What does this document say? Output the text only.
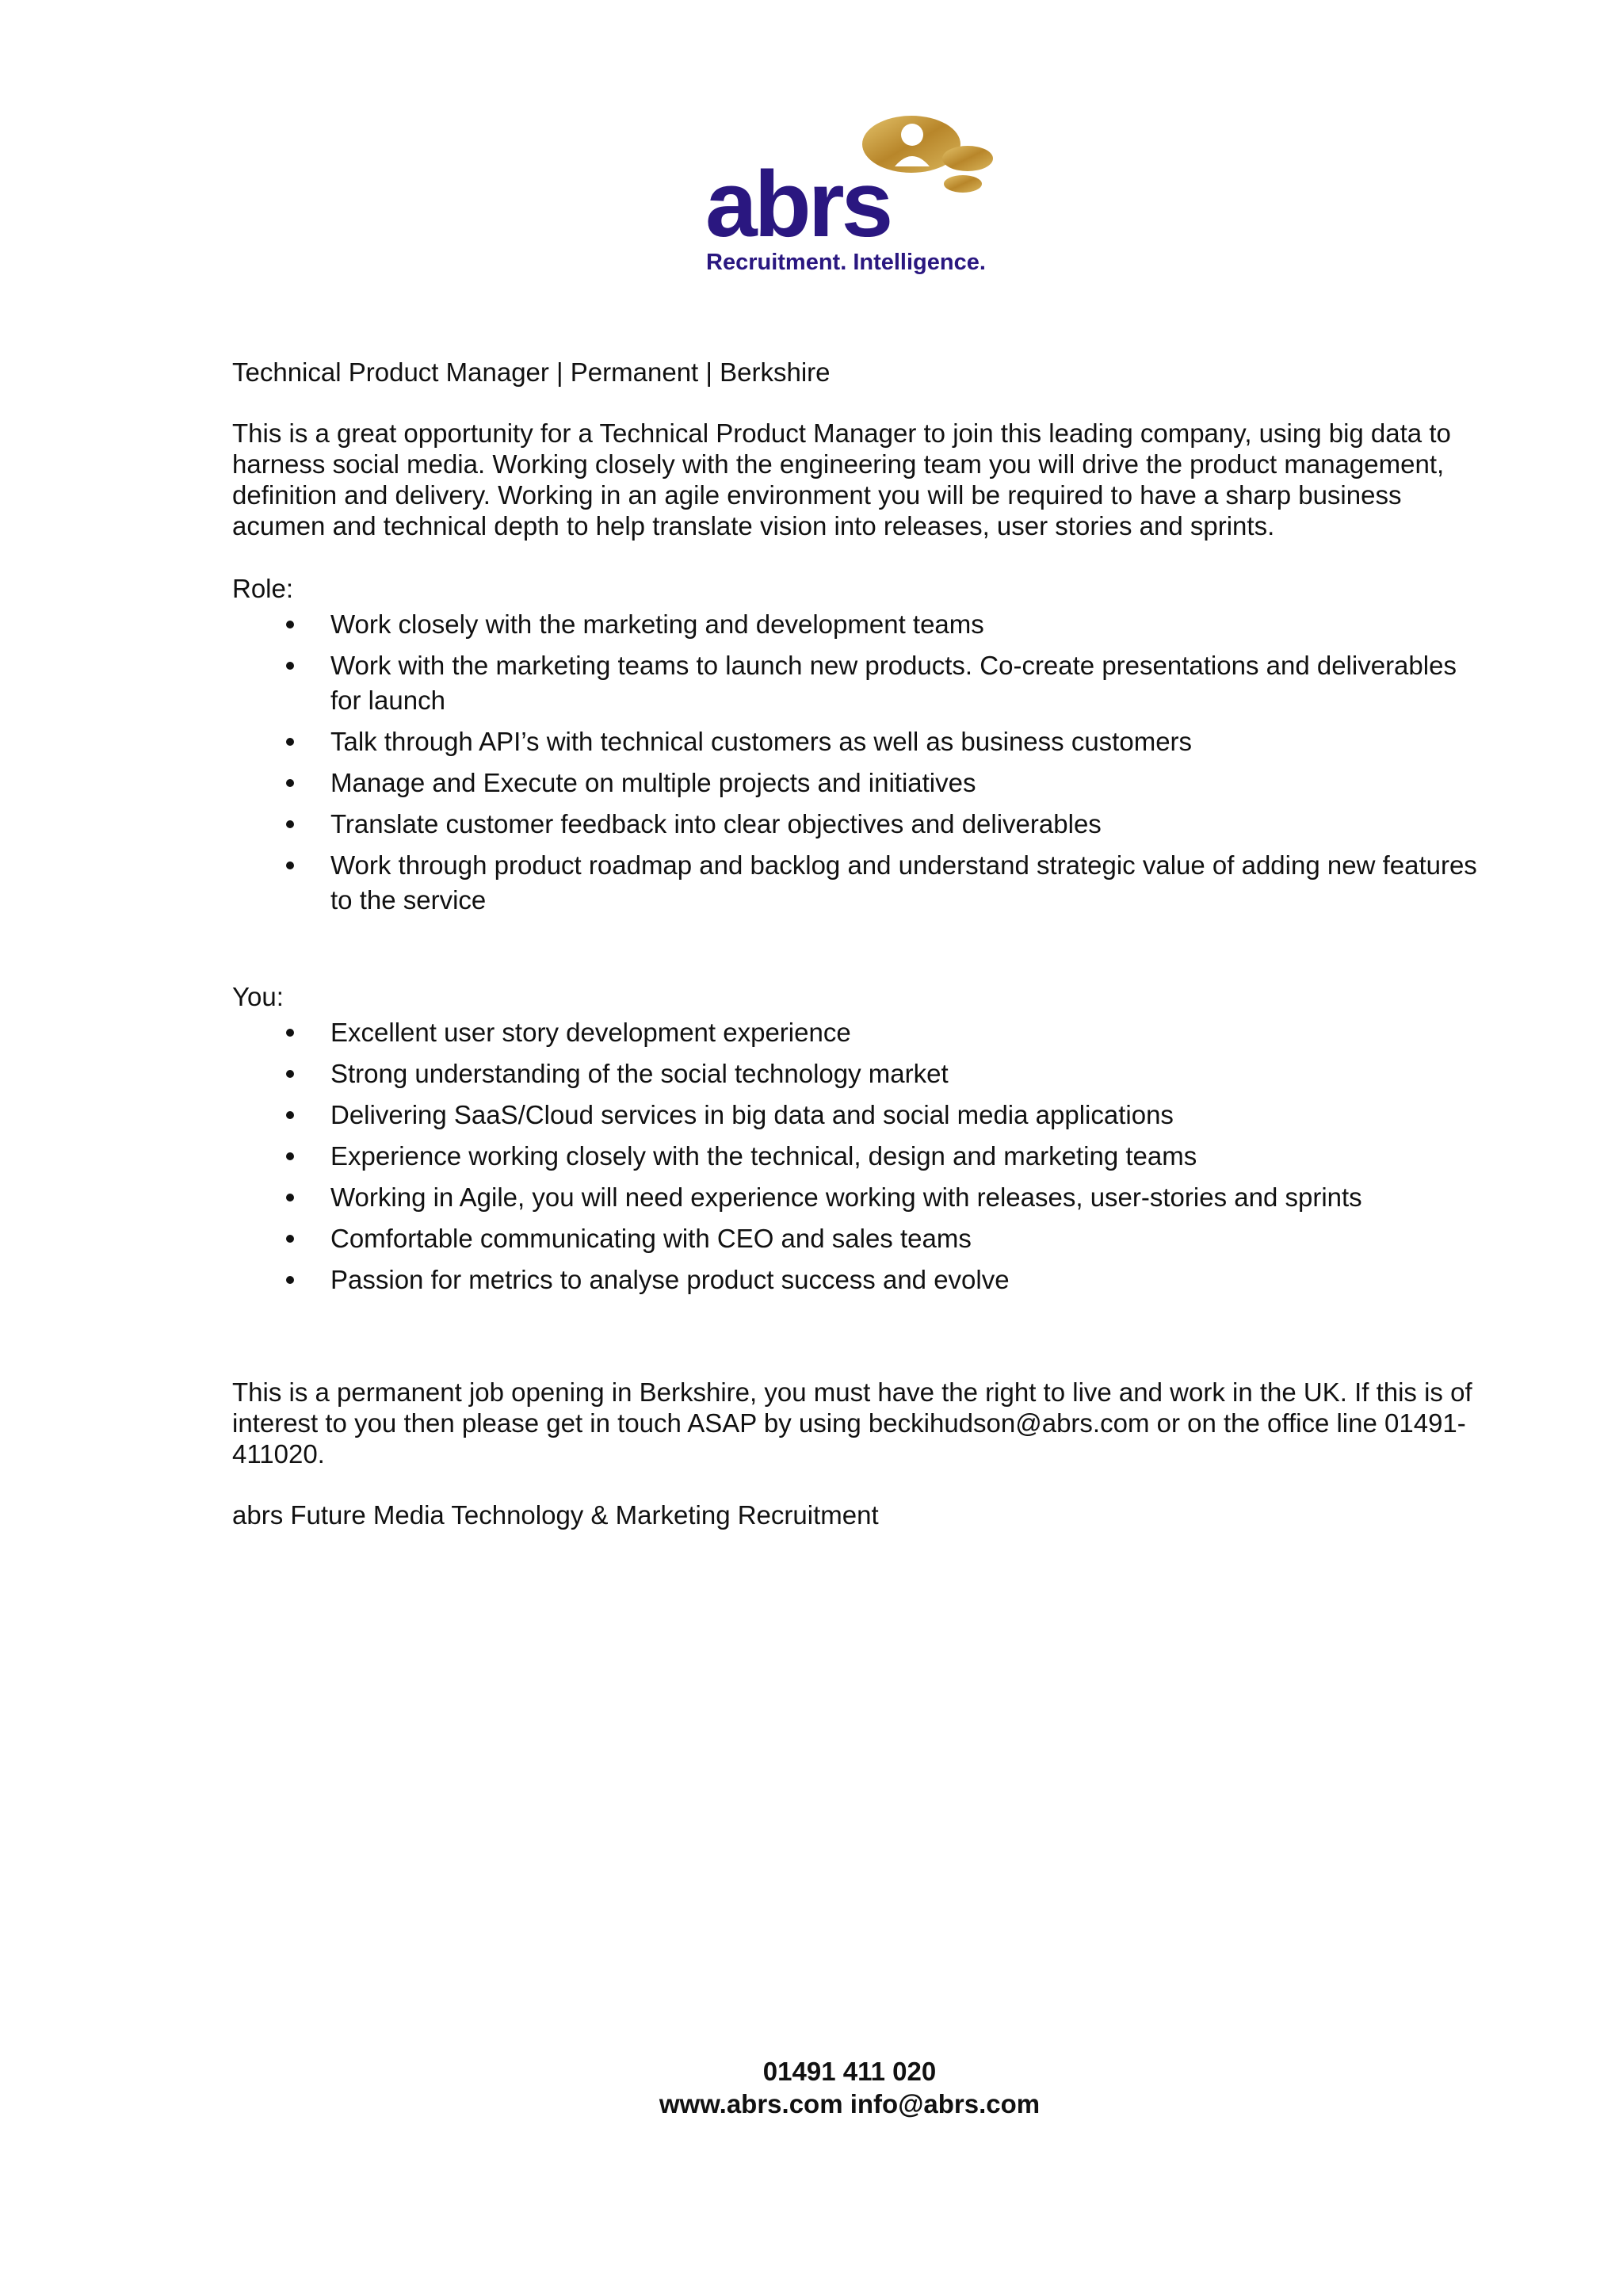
abrs
Recruitment. Intelligence.

Technical Product Manager | Permanent | Berkshire

This is a great opportunity for a Technical Product Manager to join this leading company, using big data to harness social media. Working closely with the engineering team you will drive the product management, definition and delivery. Working in an agile environment you will be required to have a sharp business acumen and technical depth to help translate vision into releases, user stories and sprints.

Role:

Work closely with the marketing and development teams
Work with the marketing teams to launch new products. Co-create presentations and deliverables for launch
Talk through API’s with technical customers as well as business customers
Manage and Execute on multiple projects and initiatives
Translate customer feedback into clear objectives and deliverables
Work through product roadmap and backlog and understand strategic value of adding new features to the service

You:

Excellent user story development experience
Strong understanding of the social technology market
Delivering SaaS/Cloud services in big data and social media applications
Experience working closely with the technical, design and marketing teams
Working in Agile, you will need experience working with releases, user-stories and sprints
Comfortable communicating with CEO and sales teams
Passion for metrics to analyse product success and evolve

This is a permanent job opening in Berkshire, you must have the right to live and work in the UK. If this is of interest to you then please get in touch ASAP by using beckihudson@abrs.com or on the office line 01491-411020.

abrs Future Media Technology & Marketing Recruitment

01491 411 020
www.abrs.com info@abrs.com
